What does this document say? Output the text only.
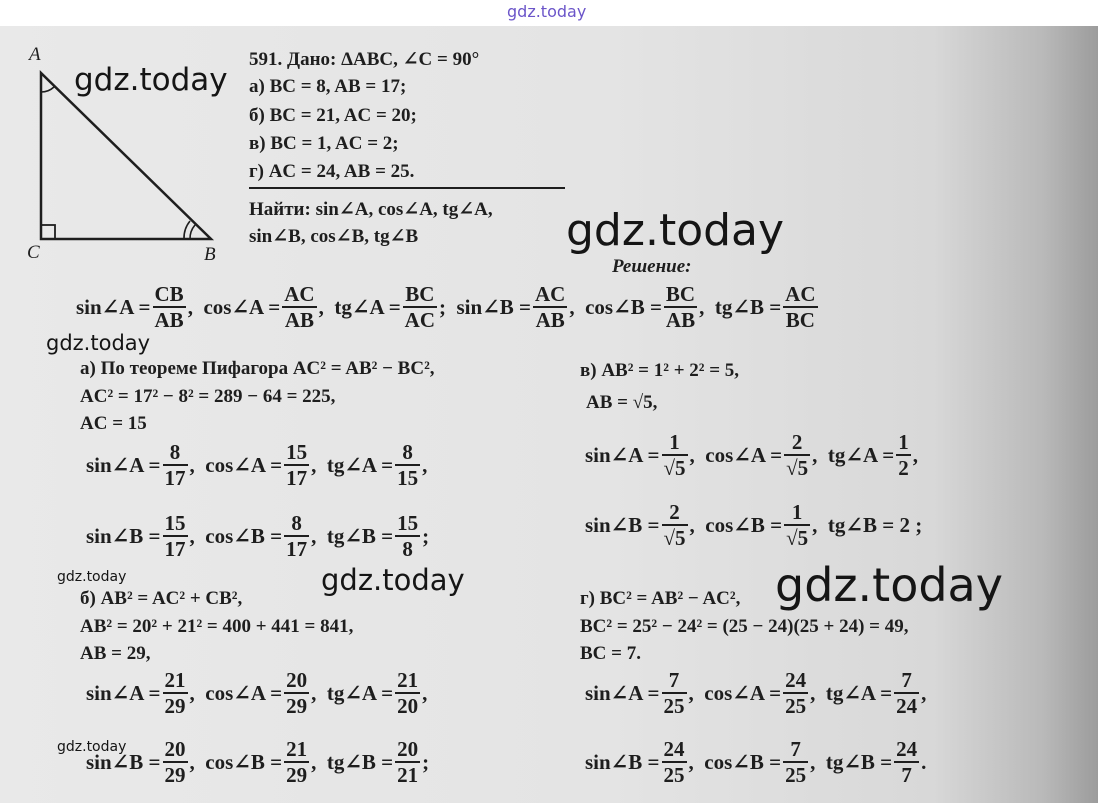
gdz.today
A
C	B
591. Дано: ΔABC, ∠C = 90°
а) BC = 8, AB = 17;
б) BC = 21, AC = 20;
в) BC = 1, AC = 2;
г) AC = 24, AB = 25.
Найти: sin∠A, cos∠A, tg∠A,
sin∠B, cos∠B, tg∠B
Решение:
sin∠A = $\frac{CB}{AB}$ ,  cos∠A = $\frac{AC}{AB}$ ,  tg∠A = $\frac{BC}{AC}$ ;  sin∠B = $\frac{AC}{AB}$ ,  cos∠B = $\frac{BC}{AB}$ ,  tg∠B = $\frac{AC}{BC}$
а) По теореме Пифагора AC² = AB² − BC²,
AC² = 17² − 8² = 289 − 64 = 225,
AC = 15
sin∠A = $\frac{8}{17}$ ,  cos∠A = $\frac{15}{17}$ ,  tg∠A = $\frac{8}{15}$ ,
sin∠B = $\frac{15}{17}$ ,  cos∠B = $\frac{8}{17}$ ,  tg∠B = $\frac{15}{8}$ ;
б) AB² = AC² + CB²,
AB² = 20² + 21² = 400 + 441 = 841,
AB = 29,
sin∠A = $\frac{21}{29}$ ,  cos∠A = $\frac{20}{29}$ ,  tg∠A = $\frac{21}{20}$ ,
sin∠B = $\frac{20}{29}$ ,  cos∠B = $\frac{21}{29}$ ,  tg∠B = $\frac{20}{21}$ ;
в) AB² = 1² + 2² = 5,
AB = √5,
sin∠A = $\frac{1}{√5}$ ,  cos∠A = $\frac{2}{√5}$ ,  tg∠A = $\frac{1}{2}$ ,
sin∠B = $\frac{2}{√5}$ ,  cos∠B = $\frac{1}{√5}$ ,  tg∠B = 2 ;
г) BC² = AB² − AC²,
BC² = 25² − 24² = (25 − 24)(25 + 24) = 49,
BC = 7.
sin∠A = $\frac{7}{25}$ ,  cos∠A = $\frac{24}{25}$ ,  tg∠A = $\frac{7}{24}$ ,
sin∠B = $\frac{24}{25}$ ,  cos∠B = $\frac{7}{25}$ ,  tg∠B = $\frac{24}{7}$ .
gdz.today
gdz.today
gdz.today
gdz.today	gdz.today	gdz.today
gdz.today
